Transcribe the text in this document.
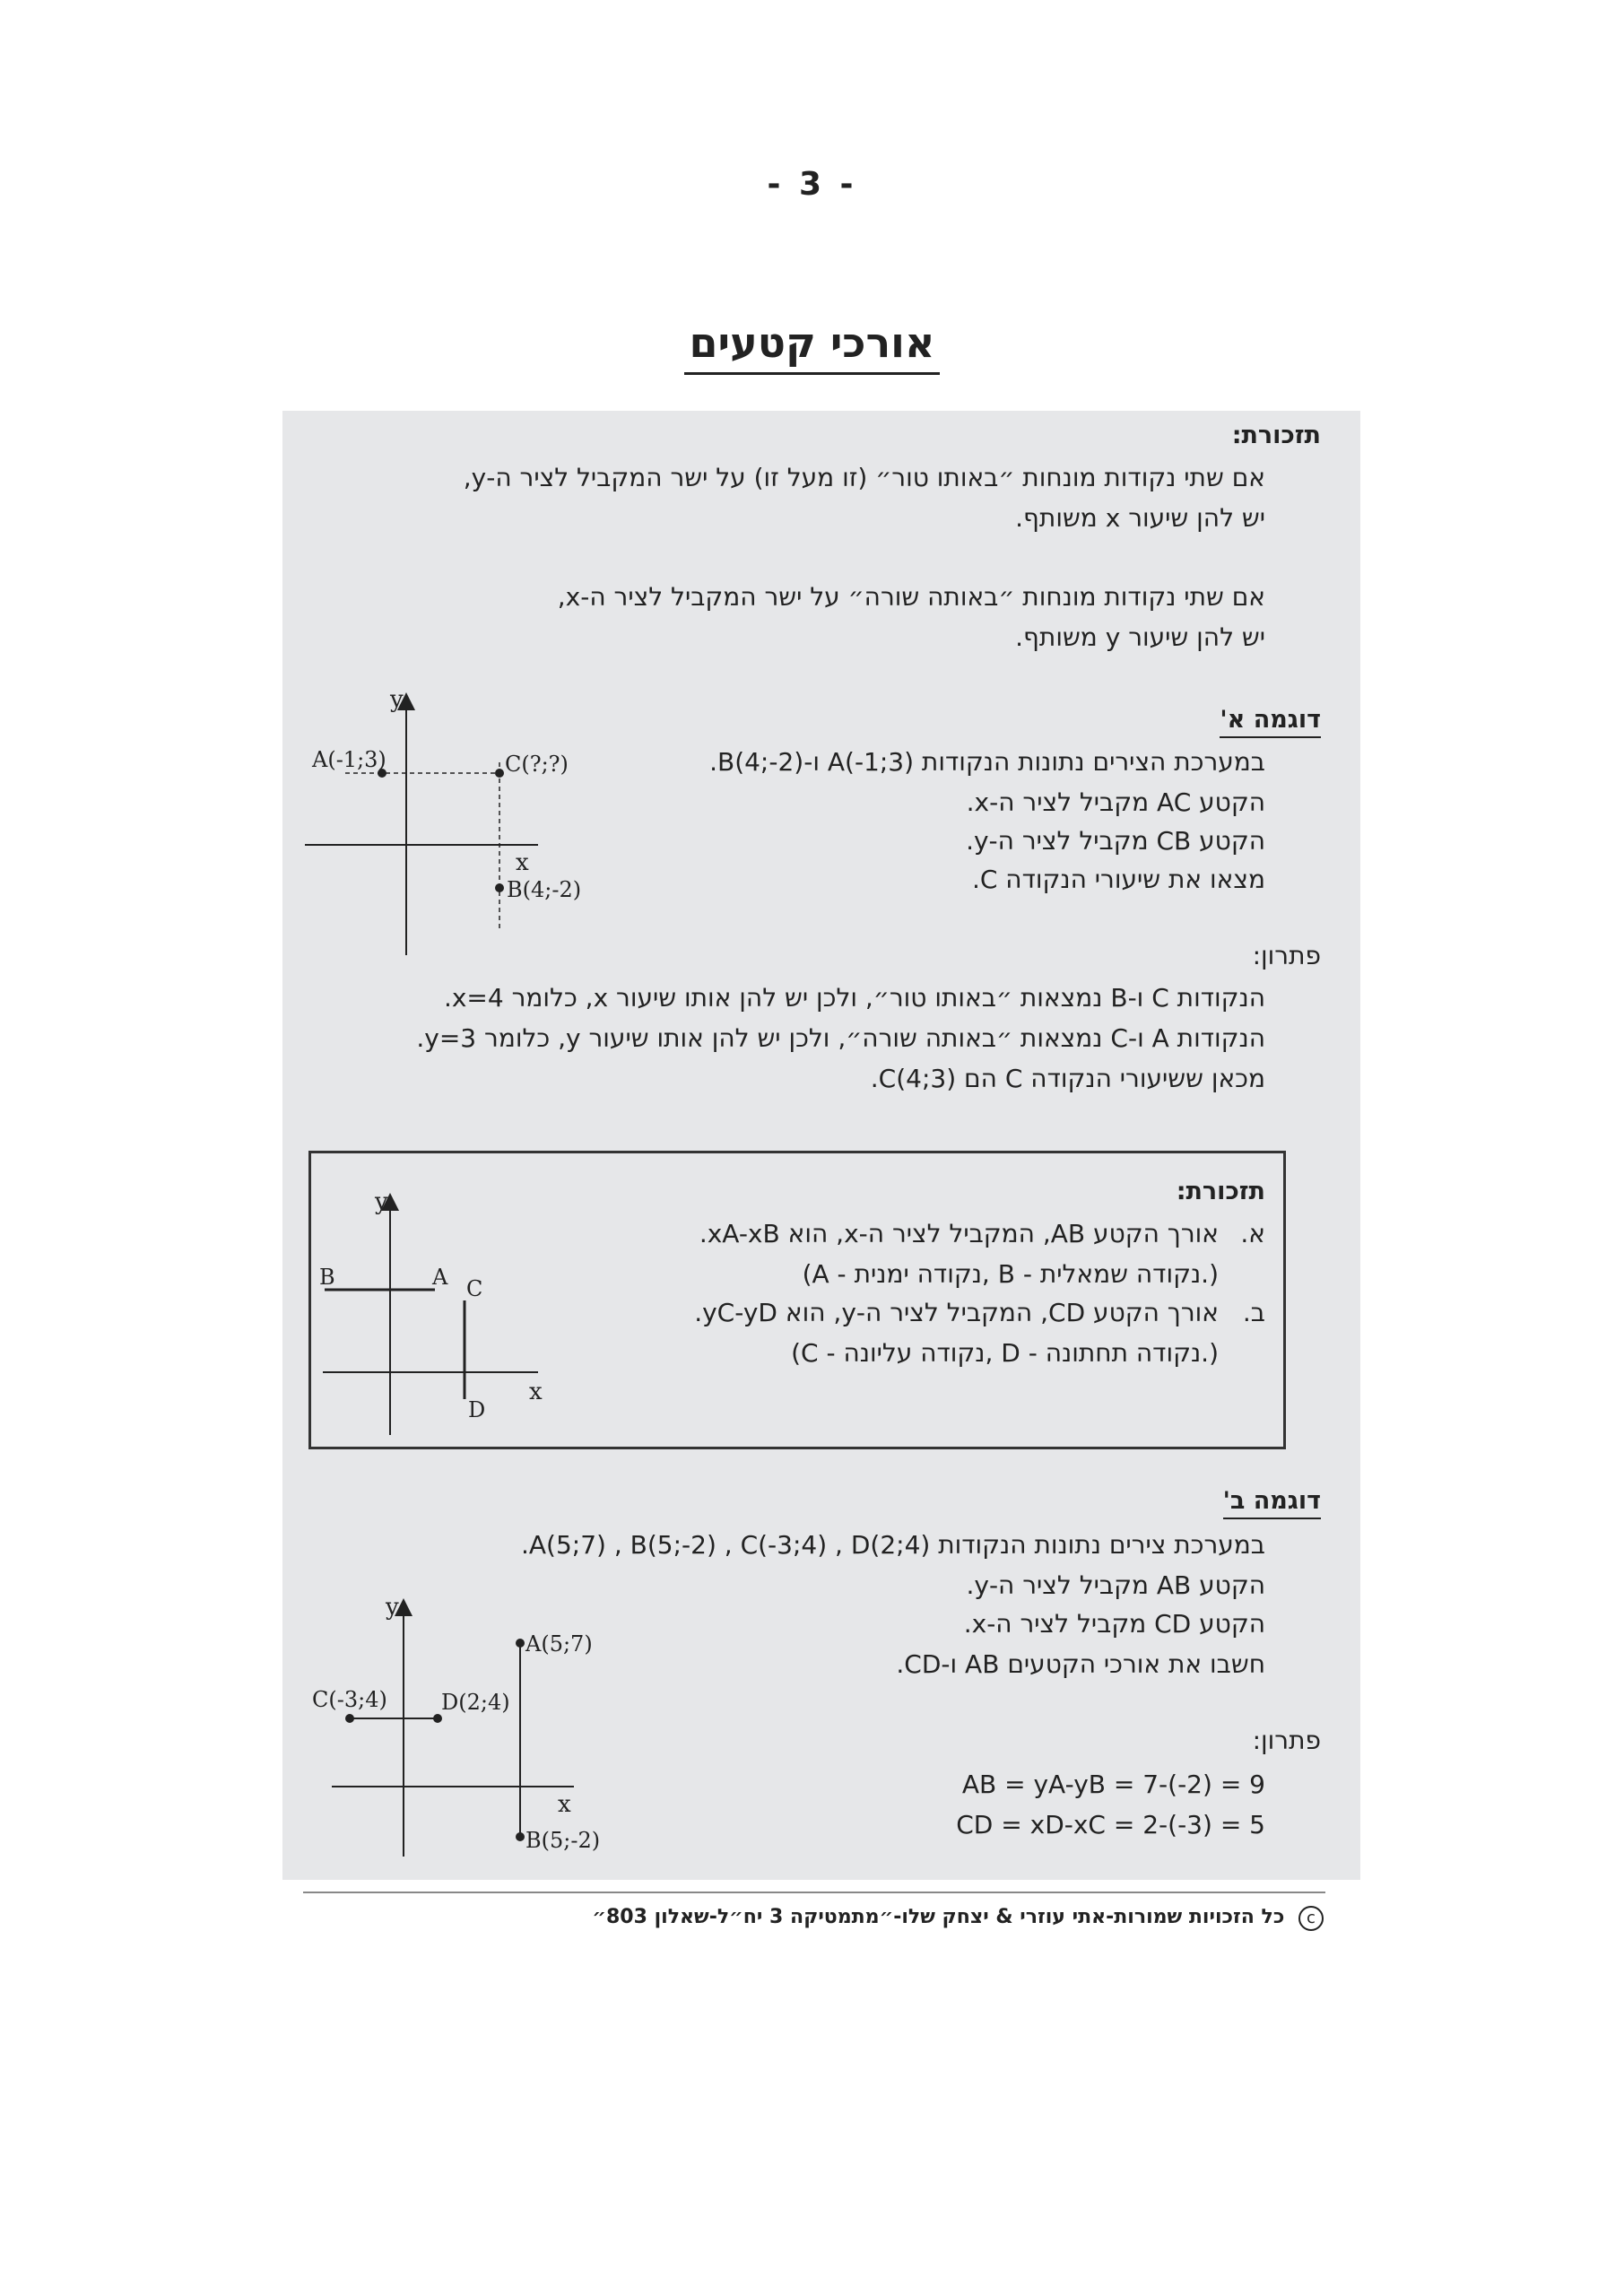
- 3 -
אורכי קטעים
תזכורת:
אם שתי נקודות מונחות ״באותו טור״ (זו מעל זו) על ישר המקביל לציר ה-y,
יש להן שיעור x משותף.
אם שתי נקודות מונחות ״באותה שורה״ על ישר המקביל לציר ה-x,
יש להן שיעור y משותף.
דוגמה א'
במערכת הצירים נתונות הנקודות A(-1;3) ו-B(4;-2).
הקטע AC מקביל לציר ה-x.
הקטע CB מקביל לציר ה-y.
מצאו את שיעורי הנקודה C.
y
x
A(-1;3)	C(?;?)
B(4;-2)
פתרון:
הנקודות C ו-B נמצאות ״באותו טור״, ולכן יש להן אותו שיעור x, כלומר x=4.
הנקודות A ו-C נמצאות ״באותה שורה״, ולכן יש להן אותו שיעור y, כלומר y=3.
מכאן ששיעורי הנקודה C הם C(4;3).
תזכורת:
א.
אורך הקטע AB, המקביל לציר ה-x, הוא xA-xB.
(A - נקודה ימנית, B - נקודה שמאלית.)
ב.
אורך הקטע CD, המקביל לציר ה-y, הוא yC-yD.
(C - נקודה עליונה, D - נקודה תחתונה.)
y
x
B	A C
D
דוגמה ב'
במערכת צירים נתונות הנקודות A(5;7) , B(5;-2) , C(-3;4) , D(2;4).
הקטע AB מקביל לציר ה-y.
הקטע CD מקביל לציר ה-x.
חשבו את אורכי הקטעים AB ו-CD.
y
x
A(5;7)
C(-3;4)	D(2;4)
B(5;-2)
פתרון:
AB = yA-yB = 7-(-2) = 9
CD = xD-xC = 2-(-3) = 5
c כל הזכויות שמורות-אתי עוזרי & יצחק שלו-״מתמטיקה 3 יח״ל-שאלון 803״
